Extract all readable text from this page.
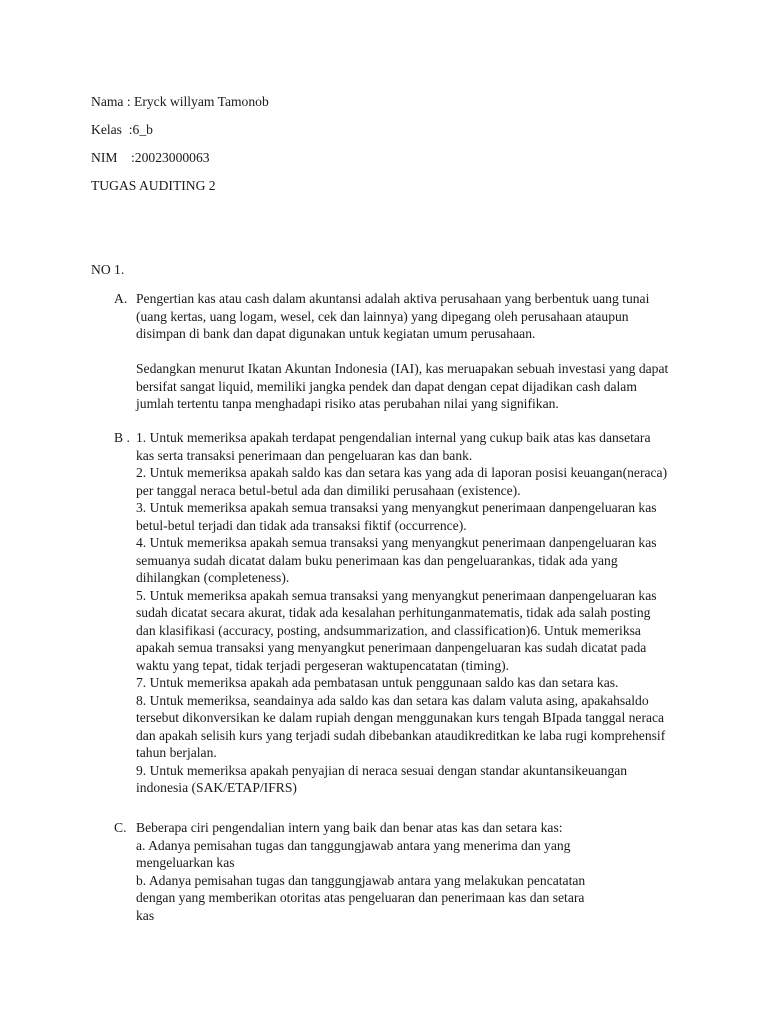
Nama : Eryck willyam Tamonob
Kelas  :6_b
NIM    :20023000063
TUGAS AUDITING 2
NO 1.
A. Pengertian kas atau cash dalam akuntansi adalah aktiva perusahaan yang berbentuk uang tunai

(uang kertas, uang logam, wesel, cek dan lainnya) yang dipegang oleh perusahaan ataupun

disimpan di bank dan dapat digunakan untuk kegiatan umum perusahaan.

Sedangkan menurut Ikatan Akuntan Indonesia (IAI), kas meruapakan sebuah investasi yang dapat

bersifat sangat liquid, memiliki jangka pendek dan dapat dengan cepat dijadikan cash dalam

jumlah tertentu tanpa menghadapi risiko atas perubahan nilai yang signifikan.

B . 1. Untuk memeriksa apakah terdapat pengendalian internal yang cukup baik atas kas dansetara

kas serta transaksi penerimaan dan pengeluaran kas dan bank.

2. Untuk memeriksa apakah saldo kas dan setara kas yang ada di laporan posisi keuangan(neraca)

per tanggal neraca betul-betul ada dan dimiliki perusahaan (existence).

3. Untuk memeriksa apakah semua transaksi yang menyangkut penerimaan danpengeluaran kas

betul-betul terjadi dan tidak ada transaksi fiktif (occurrence).

4. Untuk memeriksa apakah semua transaksi yang menyangkut penerimaan danpengeluaran kas

semuanya sudah dicatat dalam buku penerimaan kas dan pengeluarankas, tidak ada yang

dihilangkan (completeness).

5. Untuk memeriksa apakah semua transaksi yang menyangkut penerimaan danpengeluaran kas

sudah dicatat secara akurat, tidak ada kesalahan perhitunganmatematis, tidak ada salah posting

dan klasifikasi (accuracy, posting, andsummarization, and classification)6. Untuk memeriksa

apakah semua transaksi yang menyangkut penerimaan danpengeluaran kas sudah dicatat pada

waktu yang tepat, tidak terjadi pergeseran waktupencatatan (timing).

7. Untuk memeriksa apakah ada pembatasan untuk penggunaan saldo kas dan setara kas.

8. Untuk memeriksa, seandainya ada saldo kas dan setara kas dalam valuta asing, apakahsaldo

tersebut dikonversikan ke dalam rupiah dengan menggunakan kurs tengah BIpada tanggal neraca

dan apakah selisih kurs yang terjadi sudah dibebankan ataudikreditkan ke laba rugi komprehensif

tahun berjalan.

9. Untuk memeriksa apakah penyajian di neraca sesuai dengan standar akuntansikeuangan

indonesia (SAK/ETAP/IFRS)

C. Beberapa ciri pengendalian intern yang baik dan benar atas kas dan setara kas:

a. Adanya pemisahan tugas dan tanggungjawab antara yang menerima dan yang

mengeluarkan kas

b. Adanya pemisahan tugas dan tanggungjawab antara yang melakukan pencatatan

dengan yang memberikan otoritas atas pengeluaran dan penerimaan kas dan setara

kas
